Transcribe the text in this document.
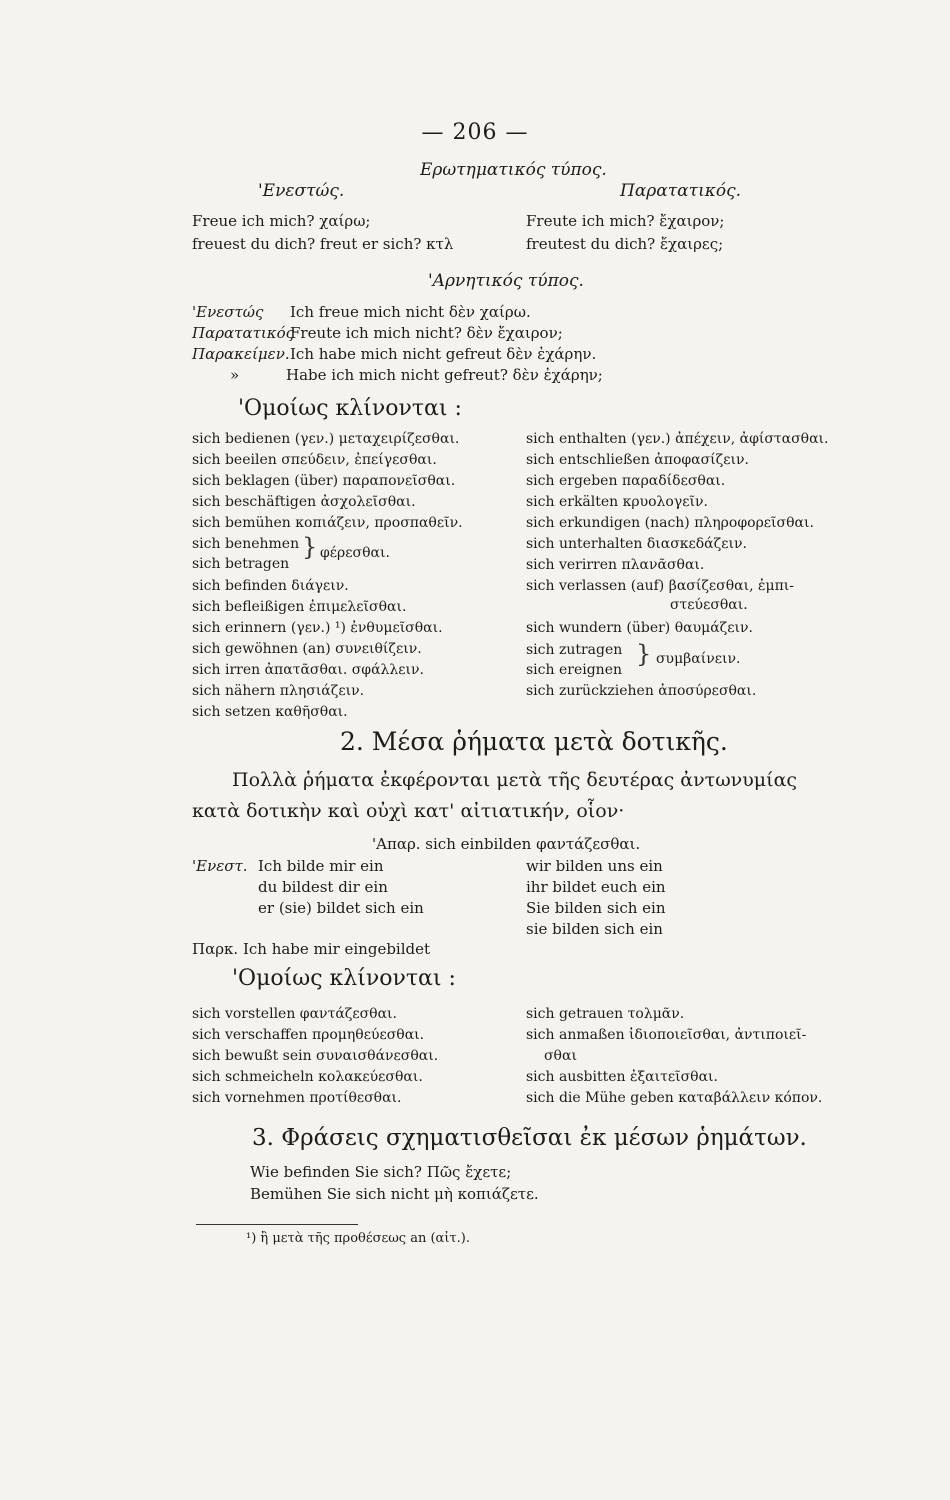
— 206 —
Ερωτηματικός τύπος.
'Ενεστώς.	Παρατατικός.
Freue ich mich? χαίρω;
freuest du dich? freut er sich? κτλ
Freute ich mich? ἔχαιρον;
freutest du dich? ἔχαιρες;
'Αρνητικός τύπος.
'Ενεστώς Ich freue mich nicht δὲν χαίρω.
Παρατατικός
Freute ich mich nicht? δὲν ἔχαιρον;
Παρακείμεν. Ich habe mich nicht gefreut δὲν ἐχάρην.
»	Habe ich mich nicht gefreut? δὲν ἐχάρην;
'Ομοίως κλίνονται :
sich bedienen (γεν.) μεταχειρίζεσθαι.
sich beeilen σπεύδειν, ἐπείγεσθαι.
sich beklagen (über) παραπονεῖσθαι.
sich beschäftigen ἀσχολεῖσθαι.
sich bemühen κοπιάζειν, προσπαθεῖν.
sich benehmen
sich betragen
} φέρεσθαι.
sich befinden διάγειν.
sich befleißigen ἐπιμελεῖσθαι.
sich erinnern (γεν.) ¹) ἐνθυμεῖσθαι.
sich gewöhnen (an) συνειθίζειν.
sich irren ἀπατᾶσθαι. σφάλλειν.
sich nähern πλησιάζειν.
sich setzen καθῆσθαι.
sich enthalten (γεν.) ἀπέχειν, ἀφίστασθαι.
sich entschließen ἀποφασίζειν.
sich ergeben παραδίδεσθαι.
sich erkälten κρυολογεῖν.
sich erkundigen (nach) πληροφορεῖσθαι.
sich unterhalten διασκεδάζειν.
sich verirren πλανᾶσθαι.
sich verlassen (auf) βασίζεσθαι, ἐμπι-
στεύεσθαι.
sich wundern (über) θαυμάζειν.
sich zutragen
sich ereignen
} συμβαίνειν.
sich zurückziehen ἀποσύρεσθαι.
2. Μέσα ῥήματα μετὰ δοτικῆς.
Πολλὰ ῥήματα ἐκφέρονται μετὰ τῆς δευτέρας ἀντωνυμίας
κατὰ δοτικὴν καὶ οὐχὶ κατ' αἰτιατικήν, οἷον·
'Απαρ. sich einbilden φαντάζεσθαι.
'Ενεστ. Ich bilde mir ein
du bildest dir ein
er (sie) bildet sich ein
wir bilden uns ein
ihr bildet euch ein
Sie bilden sich ein
sie bilden sich ein
Παρκ. Ich habe mir eingebildet
'Ομοίως κλίνονται :
sich vorstellen φαντάζεσθαι.
sich verschaffen προμηθεύεσθαι.
sich bewußt sein συναισθάνεσθαι.
sich schmeicheln κολακεύεσθαι.
sich vornehmen προτίθεσθαι.
sich getrauen τολμᾶν.
sich anmaßen ἰδιοποιεῖσθαι, ἀντιποιεῖ-
σθαι
sich ausbitten ἐξαιτεῖσθαι.
sich die Mühe geben καταβάλλειν κόπον.
3. Φράσεις σχηματισθεῖσαι ἐκ μέσων ῥημάτων.
Wie befinden Sie sich? Πῶς ἔχετε;
Bemühen Sie sich nicht μὴ κοπιάζετε.
¹) ἢ μετὰ τῆς προθέσεως an (αἰτ.).
